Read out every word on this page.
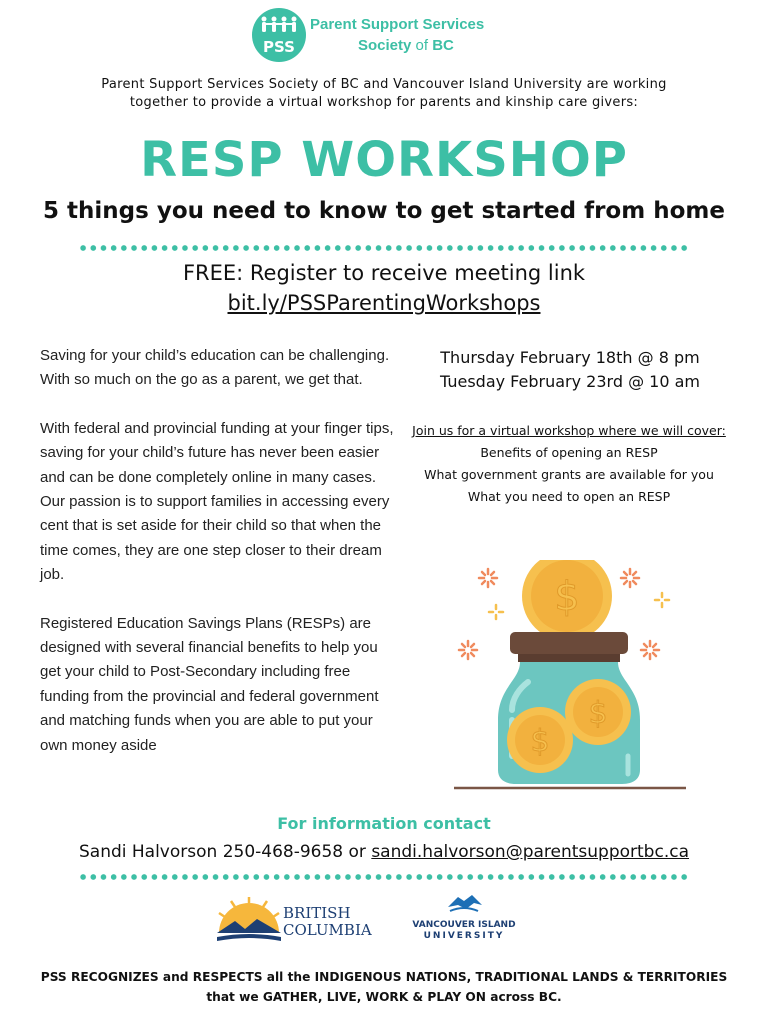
PSS
Parent Support Services
Society of BC
Parent Support Services Society of BC and Vancouver Island University are working
together to provide a virtual workshop for parents and kinship care givers:
RESP WORKSHOP
5 things you need to know to get started from home
FREE: Register to receive meeting link
bit.ly/PSSParentingWorkshops

Saving for your child’s education can be challenging. With so much on the go as a parent, we get that.

With federal and provincial funding at your finger tips, saving for your child’s future has never been easier and can be done completely online in many cases. Our passion is to support families in accessing every cent that is set aside for their child so that when the time comes, they are one step closer to their dream job.

Registered Education Savings Plans (RESPs) are designed with several financial benefits to help you get your child to Post-Secondary including free funding from the provincial and federal government and matching funds when you are able to put your own money aside

Thursday February 18th @ 8 pm
Tuesday February 23rd @ 10 am
Join us for a virtual workshop where we will cover:
Benefits of opening an RESP
What government grants are available for you
What you need to open an RESP
$
$
$
For information contact
Sandi Halvorson 250-468-9658 or sandi.halvorson@parentsupportbc.ca
BRITISH
COLUMBIA	VANCOUVER ISLAND
UNIVERSITY
PSS RECOGNIZES and RESPECTS all the INDIGENOUS NATIONS, TRADITIONAL LANDS & TERRITORIES
that we GATHER, LIVE, WORK & PLAY ON across BC.
